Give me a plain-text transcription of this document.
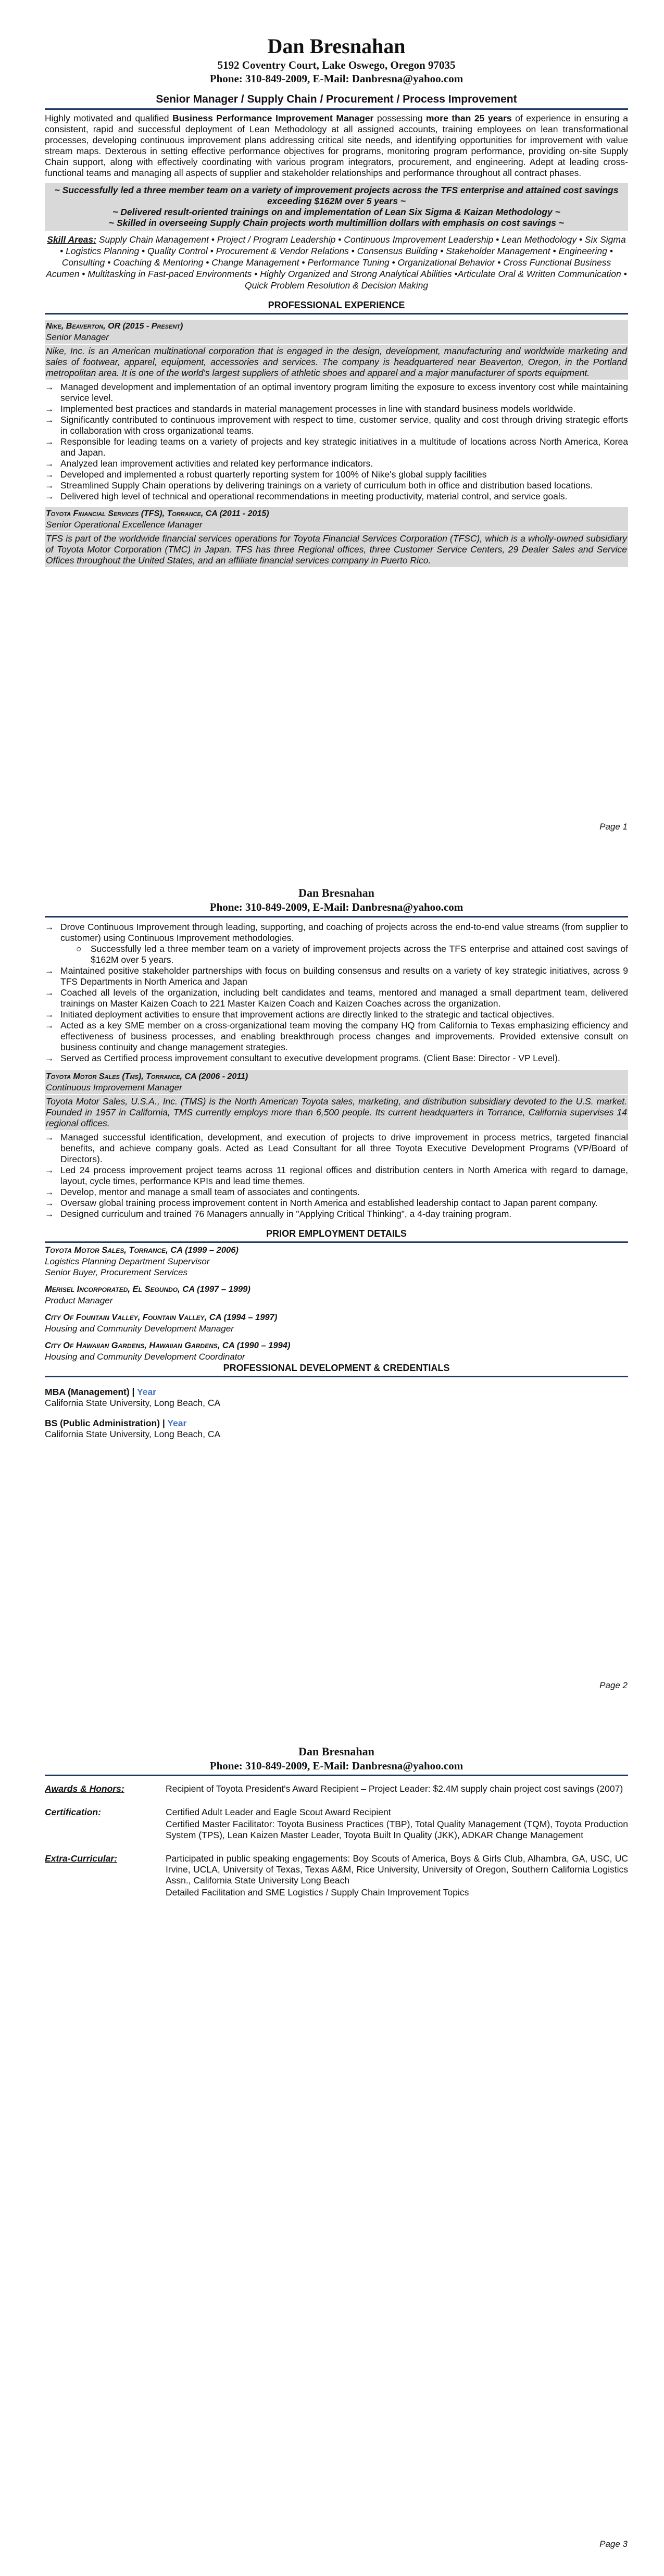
Dan Bresnahan
5192 Coventry Court, Lake Oswego, Oregon 97035
Phone: 310-849-2009, E-Mail: Danbresna@yahoo.com
Senior Manager / Supply Chain / Procurement / Process Improvement

Highly motivated and qualified Business Performance Improvement Manager possessing more than 25 years of experience in ensuring a consistent, rapid and successful deployment of Lean Methodology at all assigned accounts, training employees on lean transformational processes, developing continuous improvement plans addressing critical site needs, and identifying opportunities for improvement with value stream maps. Dexterous in setting effective performance objectives for programs, monitoring program performance, providing on-site Supply Chain support, along with effectively coordinating with various program integrators, procurement, and engineering. Adept at leading cross-functional teams and managing all aspects of supplier and stakeholder relationships and performance throughout all contract phases.

~ Successfully led a three member team on a variety of improvement projects across the TFS enterprise and attained cost savings exceeding $162M over 5 years ~
~ Delivered result-oriented trainings on and implementation of Lean Six Sigma & Kaizan Methodology ~
~ Skilled in overseeing Supply Chain projects worth multimillion dollars with emphasis on cost savings ~
Skill Areas: Supply Chain Management • Project / Program Leadership • Continuous Improvement Leadership • Lean Methodology • Six Sigma • Logistics Planning • Quality Control • Procurement & Vendor Relations • Consensus Building • Stakeholder Management • Engineering • Consulting • Coaching & Mentoring • Change Management • Performance Tuning • Organizational Behavior • Cross Functional Business Acumen • Multitasking in Fast-paced Environments • Highly Organized and Strong Analytical Abilities •Articulate Oral & Written Communication • Quick Problem Resolution & Decision Making
PROFESSIONAL EXPERIENCE
Nike, Beaverton, OR (2015 - Present)
Senior Manager
Nike, Inc. is an American multinational corporation that is engaged in the design, development, manufacturing and worldwide marketing and sales of footwear, apparel, equipment, accessories and services. The company is headquartered near Beaverton, Oregon, in the Portland metropolitan area. It is one of the world's largest suppliers of athletic shoes and apparel and a major manufacturer of sports equipment.
→ Managed development and implementation of an optimal inventory program limiting the exposure to excess inventory cost while maintaining service level.
→ Implemented best practices and standards in material management processes in line with standard business models worldwide.
→ Significantly contributed to continuous improvement with respect to time, customer service, quality and cost through driving strategic efforts in collaboration with cross organizational teams.
→ Responsible for leading teams on a variety of projects and key strategic initiatives in a multitude of locations across North America, Korea and Japan.
→ Analyzed lean improvement activities and related key performance indicators.
→ Developed and implemented a robust quarterly reporting system for 100% of Nike's global supply facilities
→ Streamlined Supply Chain operations by delivering trainings on a variety of curriculum both in office and distribution based locations.
→ Delivered high level of technical and operational recommendations in meeting productivity, material control, and service goals.
Toyota Financial Services (TFS), Torrance, CA (2011 - 2015)
Senior Operational Excellence Manager
TFS is part of the worldwide financial services operations for Toyota Financial Services Corporation (TFSC), which is a wholly-owned subsidiary of Toyota Motor Corporation (TMC) in Japan. TFS has three Regional offices, three Customer Service Centers, 29 Dealer Sales and Service Offices throughout the United States, and an affiliate financial services company in Puerto Rico.
Page 1
Dan Bresnahan
Phone: 310-849-2009, E-Mail: Danbresna@yahoo.com
→ Drove Continuous Improvement through leading, supporting, and coaching of projects across the end-to-end value streams (from supplier to customer) using Continuous Improvement methodologies.
○ Successfully led a three member team on a variety of improvement projects across the TFS enterprise and attained cost savings of $162M over 5 years.
→ Maintained positive stakeholder partnerships with focus on building consensus and results on a variety of key strategic initiatives, across 9 TFS Departments in North America and Japan
→ Coached all levels of the organization, including belt candidates and teams, mentored and managed a small department team, delivered trainings on Master Kaizen Coach to 221 Master Kaizen Coach and Kaizen Coaches across the organization.
→ Initiated deployment activities to ensure that improvement actions are directly linked to the strategic and tactical objectives.
→ Acted as a key SME member on a cross-organizational team moving the company HQ from California to Texas emphasizing efficiency and effectiveness of business processes, and enabling breakthrough process changes and improvements. Provided extensive consult on business continuity and change management strategies.
→ Served as Certified process improvement consultant to executive development programs. (Client Base: Director - VP Level).
Toyota Motor Sales (Tms), Torrance, CA (2006 - 2011)
Continuous Improvement Manager
Toyota Motor Sales, U.S.A., Inc. (TMS) is the North American Toyota sales, marketing, and distribution subsidiary devoted to the U.S. market. Founded in 1957 in California, TMS currently employs more than 6,500 people. Its current headquarters in Torrance, California supervises 14 regional offices.
→ Managed successful identification, development, and execution of projects to drive improvement in process metrics, targeted financial benefits, and achieve company goals. Acted as Lead Consultant for all three Toyota Executive Development Programs (VP/Board of Directors).
→ Led 24 process improvement project teams across 11 regional offices and distribution centers in North America with regard to damage, layout, cycle times, performance KPIs and lead time themes.
→ Develop, mentor and manage a small team of associates and contingents.
→ Oversaw global training process improvement content in North America and established leadership contact to Japan parent company.
→ Designed curriculum and trained 76 Managers annually in "Applying Critical Thinking", a 4-day training program.
PRIOR EMPLOYMENT DETAILS
Toyota Motor Sales, Torrance, CA (1999 – 2006)
Logistics Planning Department Supervisor
Senior Buyer, Procurement Services
Merisel Incorporated, El Segundo, CA (1997 – 1999)
Product Manager
City Of Fountain Valley, Fountain Valley, CA (1994 – 1997)
Housing and Community Development Manager
City Of Hawaiian Gardens, Hawaiian Gardens, CA (1990 – 1994)
Housing and Community Development Coordinator
PROFESSIONAL DEVELOPMENT & CREDENTIALS
MBA (Management) | Year
California State University, Long Beach, CA
BS (Public Administration) | Year
California State University, Long Beach, CA
Page 2
Dan Bresnahan
Phone: 310-849-2009, E-Mail: Danbresna@yahoo.com
Awards & Honors:	Recipient of Toyota President's Award Recipient – Project Leader: $2.4M supply chain project cost savings (2007)
Certification:	Certified Adult Leader and Eagle Scout Award Recipient
Certified Master Facilitator: Toyota Business Practices (TBP), Total Quality Management (TQM), Toyota Production System (TPS), Lean Kaizen Master Leader, Toyota Built In Quality (JKK), ADKAR Change Management
Extra-Curricular:	Participated in public speaking engagements: Boy Scouts of America, Boys & Girls Club, Alhambra, GA, USC, UC Irvine, UCLA, University of Texas, Texas A&M, Rice University, University of Oregon, Southern California Logistics Assn., California State University Long Beach
Detailed Facilitation and SME Logistics / Supply Chain Improvement Topics
Page 3
